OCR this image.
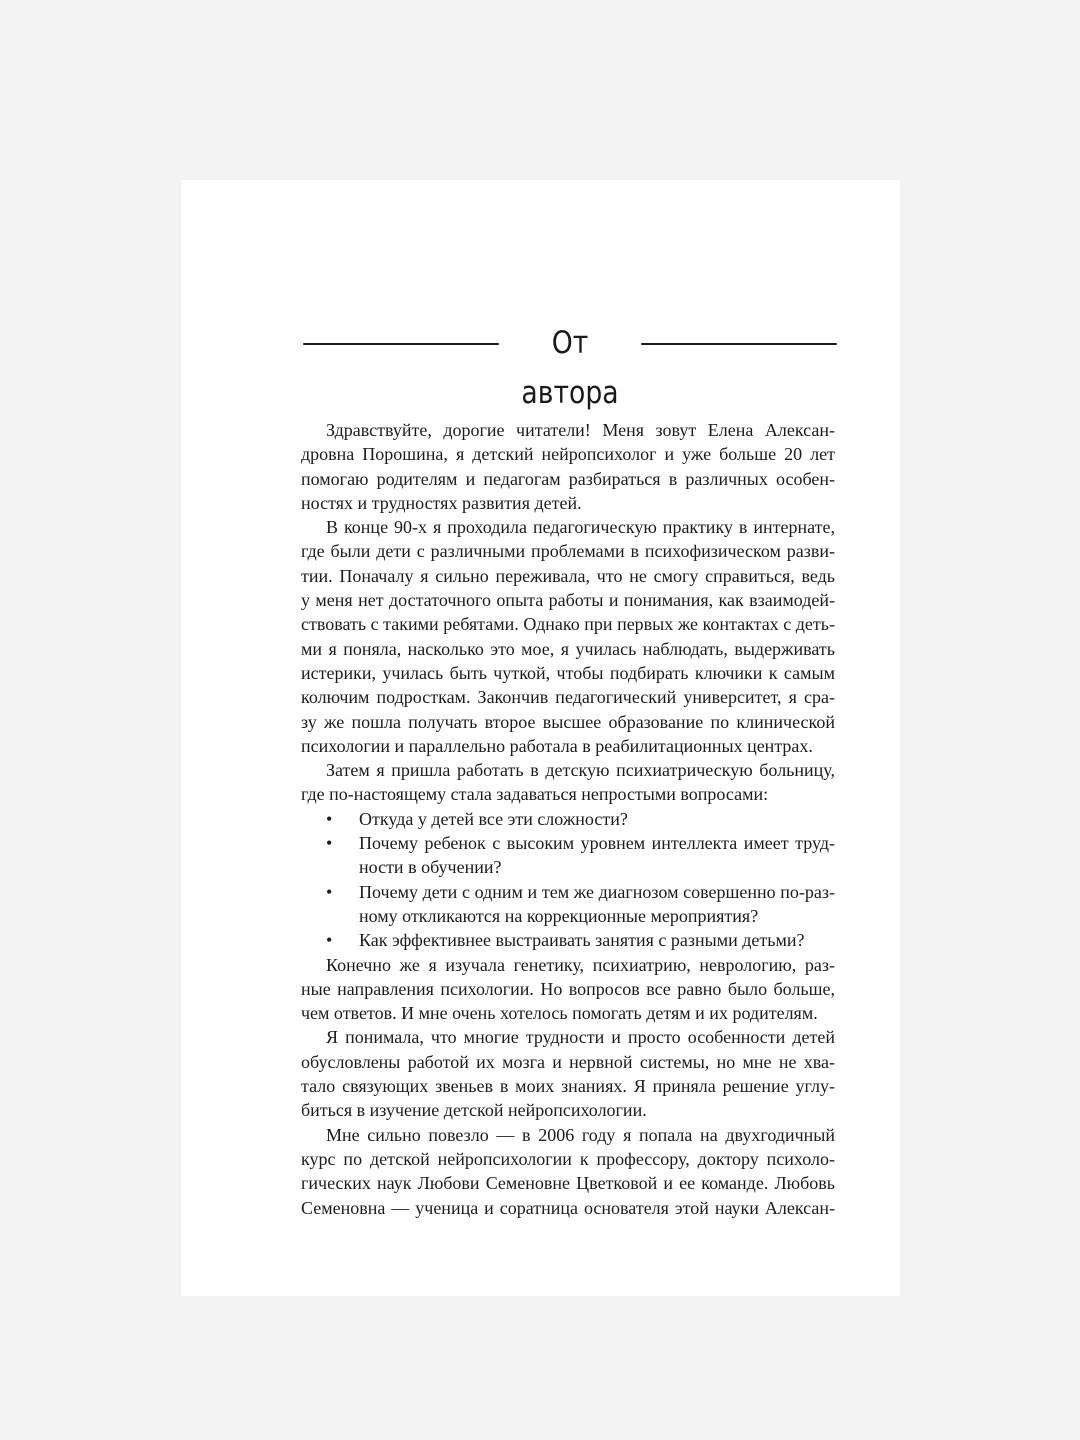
От автора
Здравствуйте, дорогие читатели! Меня зовут Елена Алексан-
дровна Порошина, я детский нейропсихолог и уже больше 20 лет
помогаю родителям и педагогам разбираться в различных особен-
ностях и трудностях развития детей.
В конце 90-х я проходила педагогическую практику в интернате,
где были дети с различными проблемами в психофизическом разви-
тии. Поначалу я сильно переживала, что не смогу справиться, ведь
у меня нет достаточного опыта работы и понимания, как взаимодей-
ствовать с такими ребятами. Однако при первых же контактах с деть-
ми я поняла, насколько это мое, я училась наблюдать, выдерживать
истерики, училась быть чуткой, чтобы подбирать ключики к самым
колючим подросткам. Закончив педагогический университет, я сра-
зу же пошла получать второе высшее образование по клинической
психологии и параллельно работала в реабилитационных центрах.
Затем я пришла работать в детскую психиатрическую больницу,
где по-настоящему стала задаваться непростыми вопросами:
• Откуда у детей все эти сложности?
• Почему ребенок с высоким уровнем интеллекта имеет труд-
ности в обучении?
• Почему дети с одним и тем же диагнозом совершенно по-раз-
ному откликаются на коррекционные мероприятия?
• Как эффективнее выстраивать занятия с разными детьми?
Конечно же я изучала генетику, психиатрию, неврологию, раз-
ные направления психологии. Но вопросов все равно было больше,
чем ответов. И мне очень хотелось помогать детям и их родителям.
Я понимала, что многие трудности и просто особенности детей
обусловлены работой их мозга и нервной системы, но мне не хва-
тало связующих звеньев в моих знаниях. Я приняла решение углу-
биться в изучение детской нейропсихологии.
Мне сильно повезло — в 2006 году я попала на двухгодичный
курс по детской нейропсихологии к профессору, доктору психоло-
гических наук Любови Семеновне Цветковой и ее команде. Любовь
Семеновна — ученица и соратница основателя этой науки Алексан-
